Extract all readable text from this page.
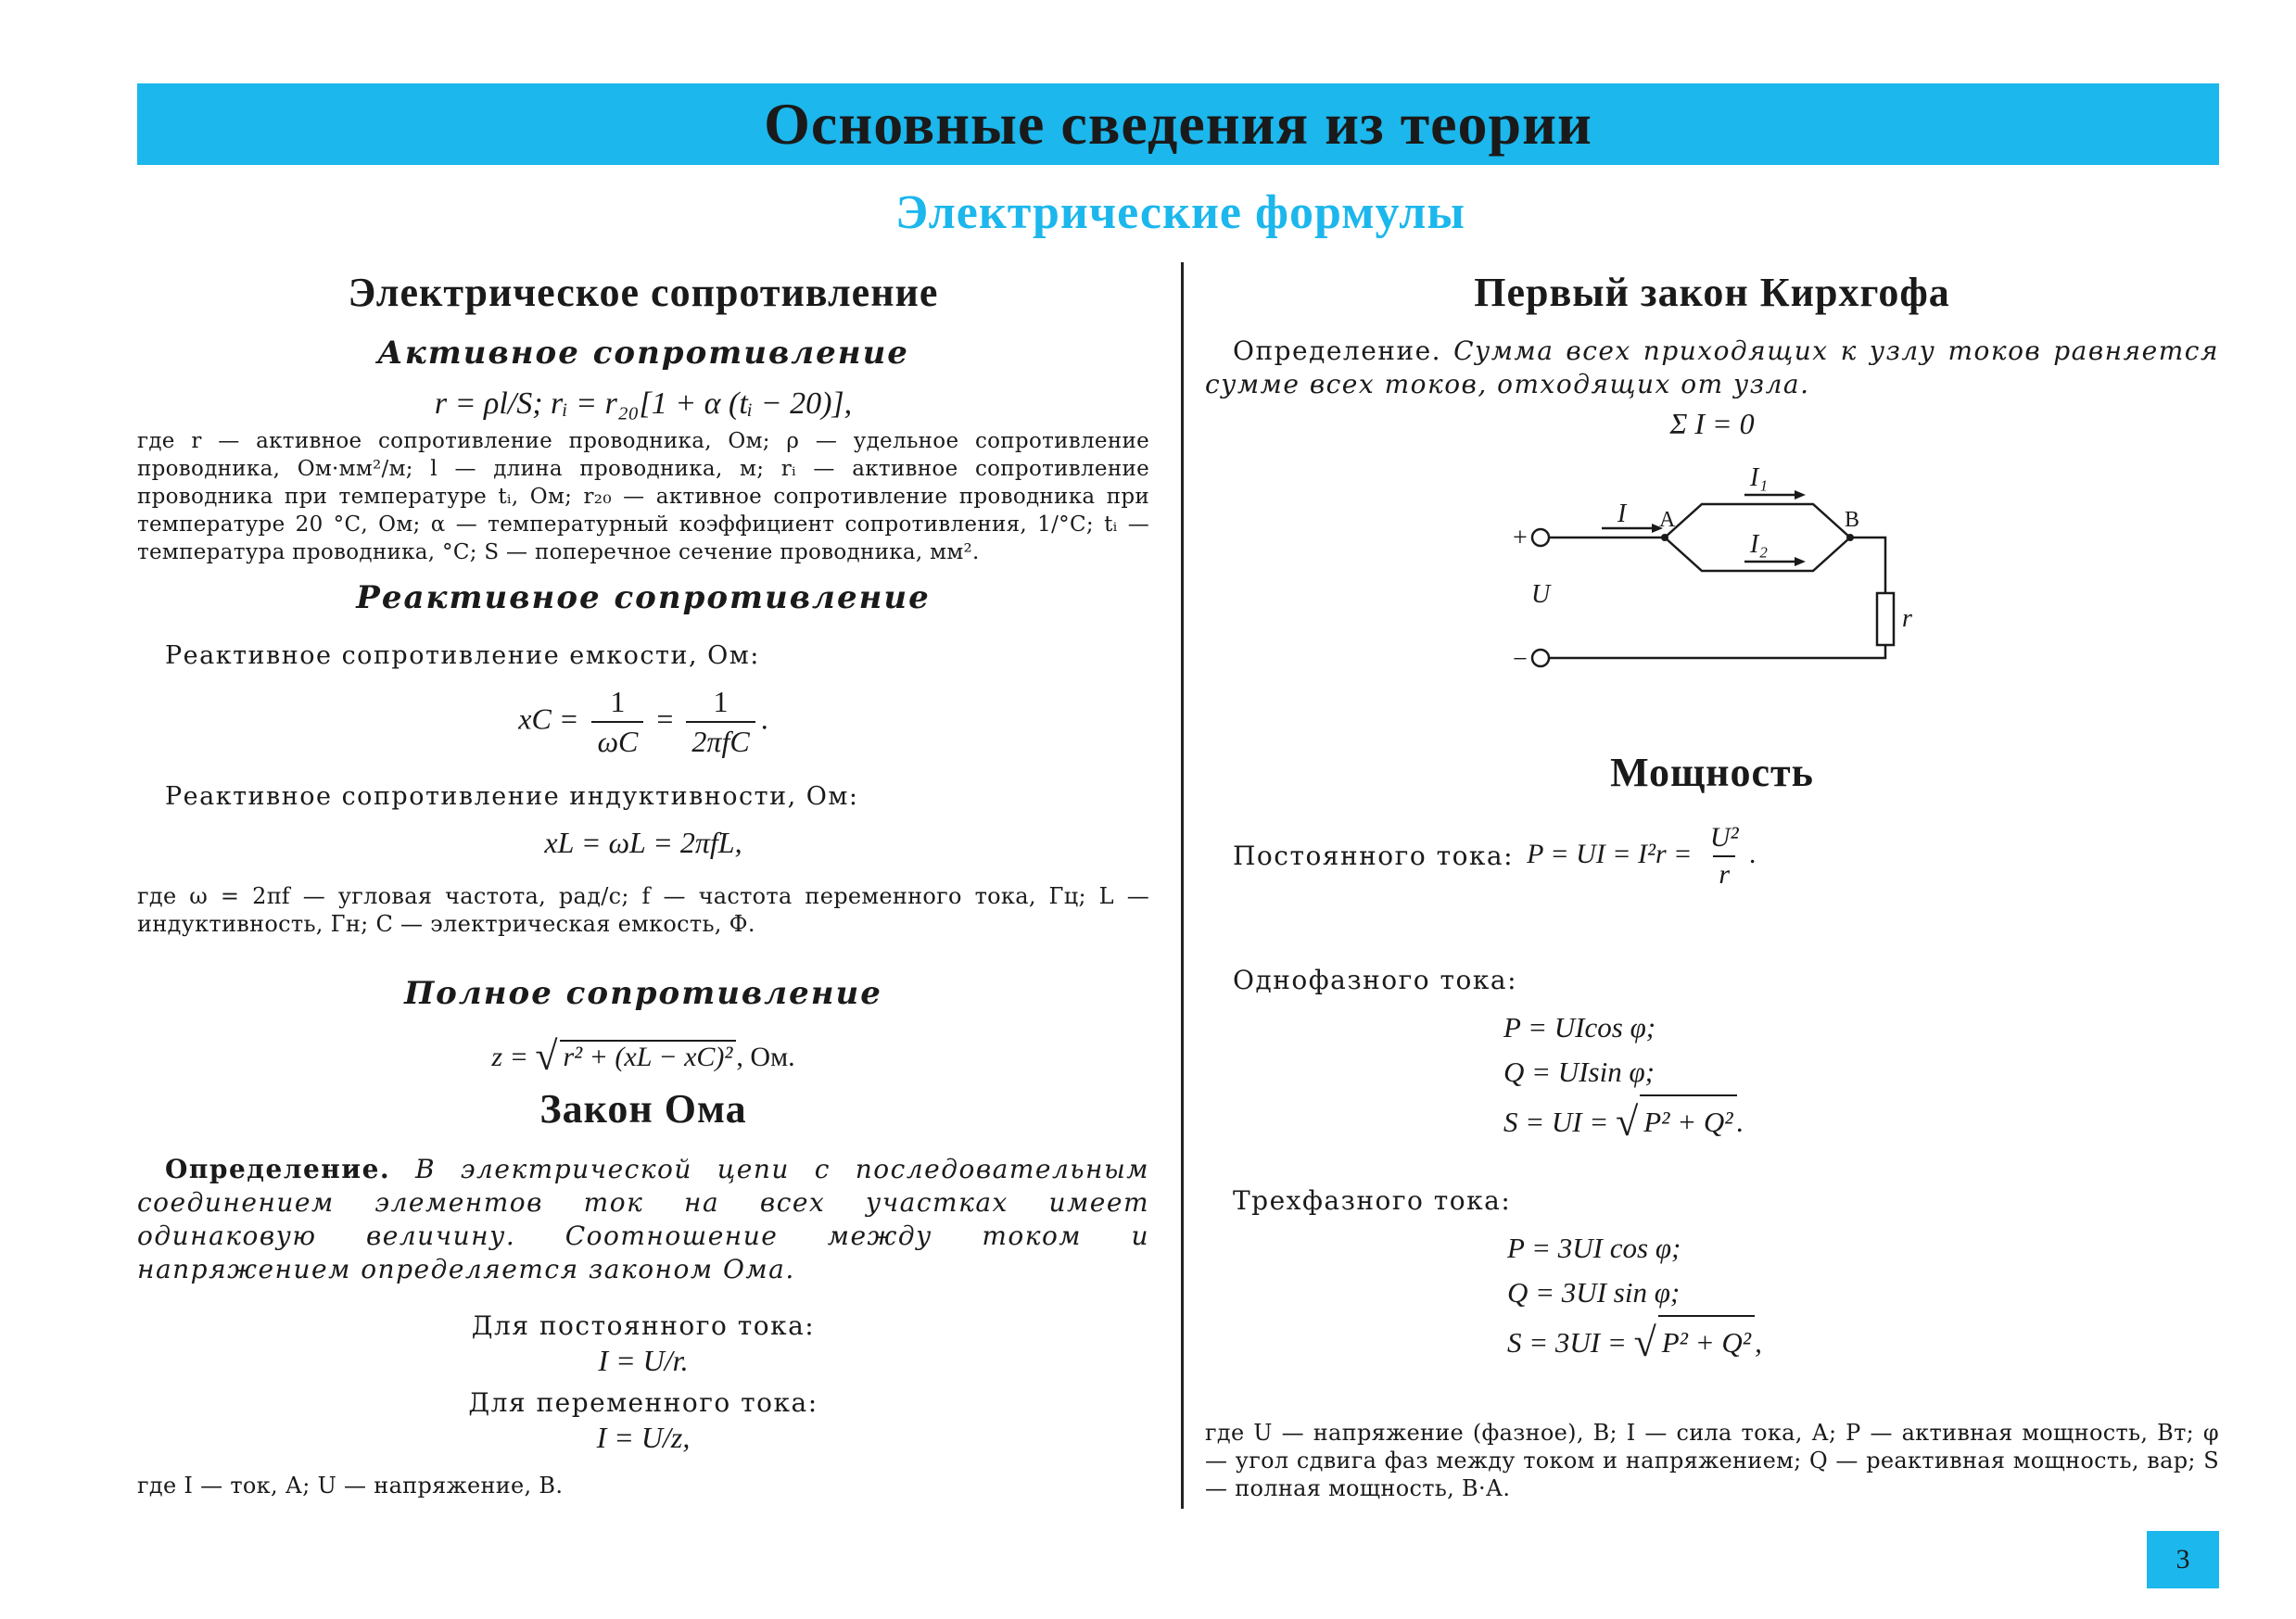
Основные сведения из теории
Электрические формулы
Электрическое сопротивление
Активное сопротивление
r = ρl/S; rᵢ = r₂₀[1 + α (tᵢ − 20)],
где r — активное сопротивление проводника, Ом; ρ — удельное сопротивление проводника, Ом·мм²/м; l — длина проводника, м; rᵢ — активное сопротивление проводника при температуре tᵢ, Ом; r₂₀ — активное сопротивление проводника при температуре 20 °С, Ом; α — температурный коэффициент сопротивления, 1/°С; tᵢ — температура проводника, °С; S — поперечное сечение проводника, мм².
Реактивное сопротивление
Реактивное сопротивление емкости, Ом:
xC = $\frac{1}{\omega C} = \frac{1}{\text{2πfC}}$ .
Реактивное сопротивление индуктивности, Ом:
xL = ωL = 2πfL,
где ω = 2πf — угловая частота, рад/с; f — частота переменного тока, Гц; L — индуктивность, Гн; C — электрическая емкость, Ф.
Полное сопротивление
z = √ r² + (xL − xC)² , Ом.
Закон Ома
Определение. В электрической цепи с последовательным соединением элементов ток на всех участках имеет одинаковую величину. Соотношение между током и напряжением определяется законом Ома.
Для постоянного тока:
I = U/r.
Для переменного тока:
I = U/z,
где I — ток, А; U — напряжение, В.
Первый закон Кирхгофа
Определение. Сумма всех приходящих к узлу токов равняется сумме всех токов, отходящих от узла.
Σ I = 0
+
−
I
I₁
I₂
A	B
U
r
Мощность
Постоянного тока: P = UI = $I^2r = \frac{\text{U²}}{r}$ .
Однофазного тока:
P = UIcos φ;
Q = UIsin φ;
S = UI = √ P² + Q² .
Трехфазного тока:
P = 3UI cos φ;
Q = 3UI sin φ;
S = 3UI = √ P² + Q² ,
где U — напряжение (фазное), В; I — сила тока, А; P — активная мощность, Вт; φ — угол сдвига фаз между током и напряжением; Q — реактивная мощность, вар; S — полная мощность, В·А.
3
